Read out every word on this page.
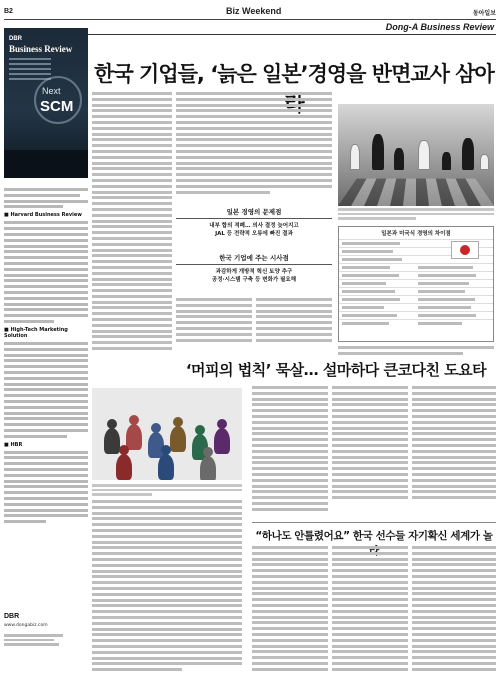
B2	Biz Weekend	동아일보
Dong-A Business Review
DBR
Business Review
Next
SCM
■ Harvard Business Review
■ High-Tech Marketing Solution
■ HBR
DBR
www.dongabiz.com
한국 기업들, ‘늙은 일본’경영을 반면교사 삼아라
일본 경영의 문제점
내부 합의 적폐… 의사 결정 늦어지고
JAL 등 전략적 오류에 빠진 결과
한국 기업에 주는 시사점
과감하게 개방적 혁신 토양 추구
공정·시스템 구축 등 변화가 필요해
일본과 미국식 경영의 차이점
‘머피의 법칙’ 묵살… 설마하다 큰코다친 도요타
“하나도 안틀렸어요” 한국 선수들 자기확신 세계가 놀
